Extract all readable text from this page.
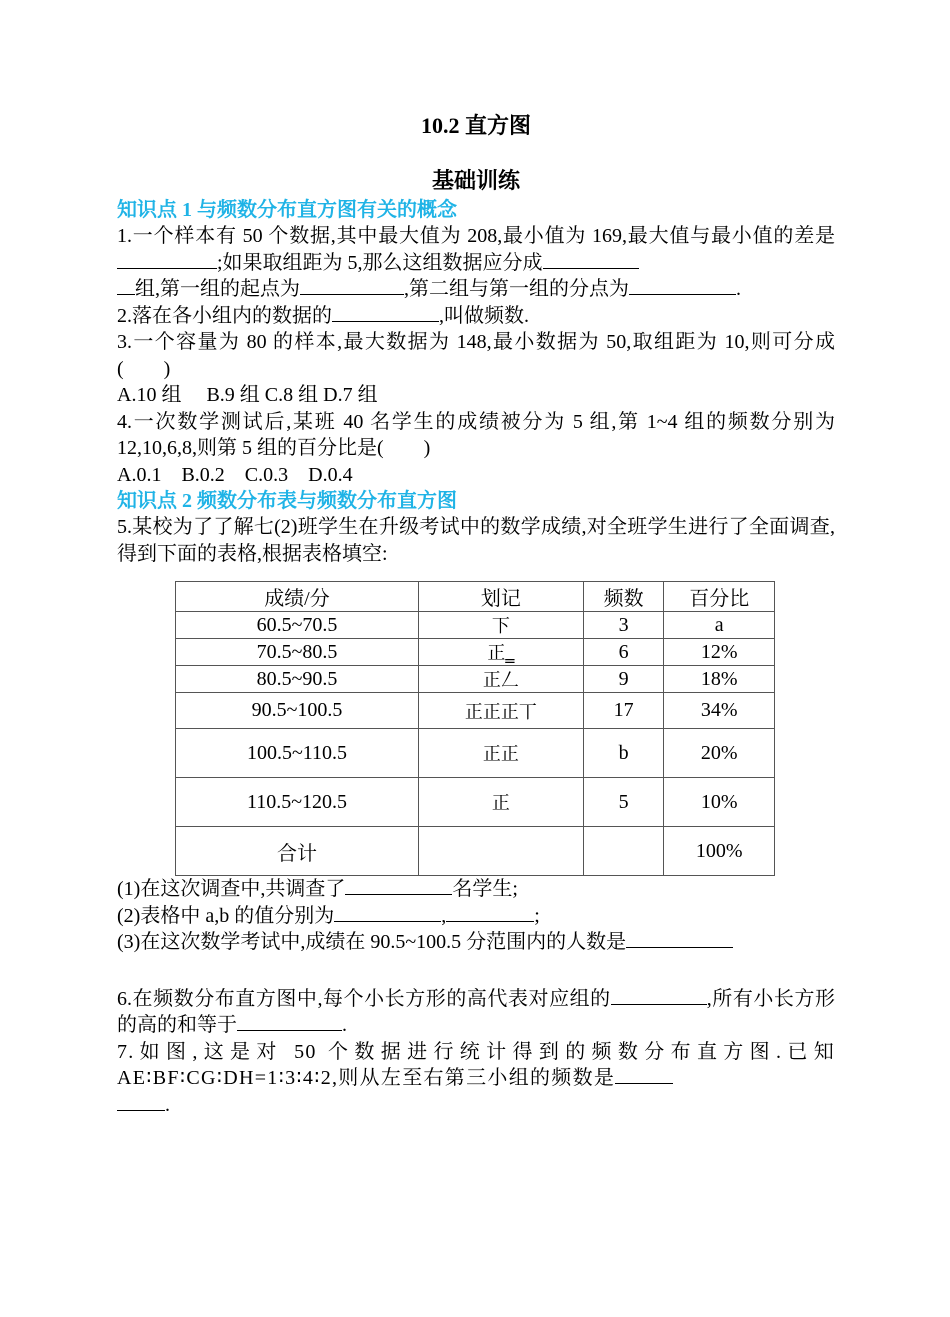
10.2 直方图

基础训练

知识点 1 与频数分布直方图有关的概念

1.一个样本有 50 个数据,其中最大值为 208,最小值为 169,最大值与最小值的差是;如果取组距为 5,那么这组数据应分成
组,第一组的起点为	,第二组与第一组的分点为	.

2.落在各小组内的数据的	,叫做频数.

3.一个容量为 80 的样本,最大数据为 148,最小数据为 50,取组距为 10,则可分成(　　)

A.10 组　 B.9 组 C.8 组 D.7 组

4.一次数学测试后,某班 40 名学生的成绩被分为 5 组,第 1~4 组的频数分别为 12,10,6,8,则第 5 组的百分比是(　　)

A.0.1　B.0.2　C.0.3　D.0.4

知识点 2 频数分布表与频数分布直方图

5.某校为了了解七(2)班学生在升级考试中的数学成绩,对全班学生进行了全面调查,得到下面的表格,根据表格填空:

成绩/分	划记	频数	百分比
60.5~70.5	下	3	a
70.5~80.5	正‗	6	12%
80.5~90.5	正𠃋	9	18%
90.5~100.5	正正正丅	17	34%
100.5~110.5	正正	b	20%
110.5~120.5	正	5	10%
合计			100%

(1)在这次调查中,共调查了	名学生;

(2)表格中 a,b 的值分别为	,	;

(3)在这次数学考试中,成绩在 90.5~100.5 分范围内的人数是

6.在频数分布直方图中,每个小长方形的高代表对应组的	,所有小长方形的高的和等于	.

7.如图,这是对 50 个数据进行统计得到的频数分布直方图.已知AE∶BF∶CG∶DH=1∶3∶4∶2,则从左至右第三小组的频数是
.
